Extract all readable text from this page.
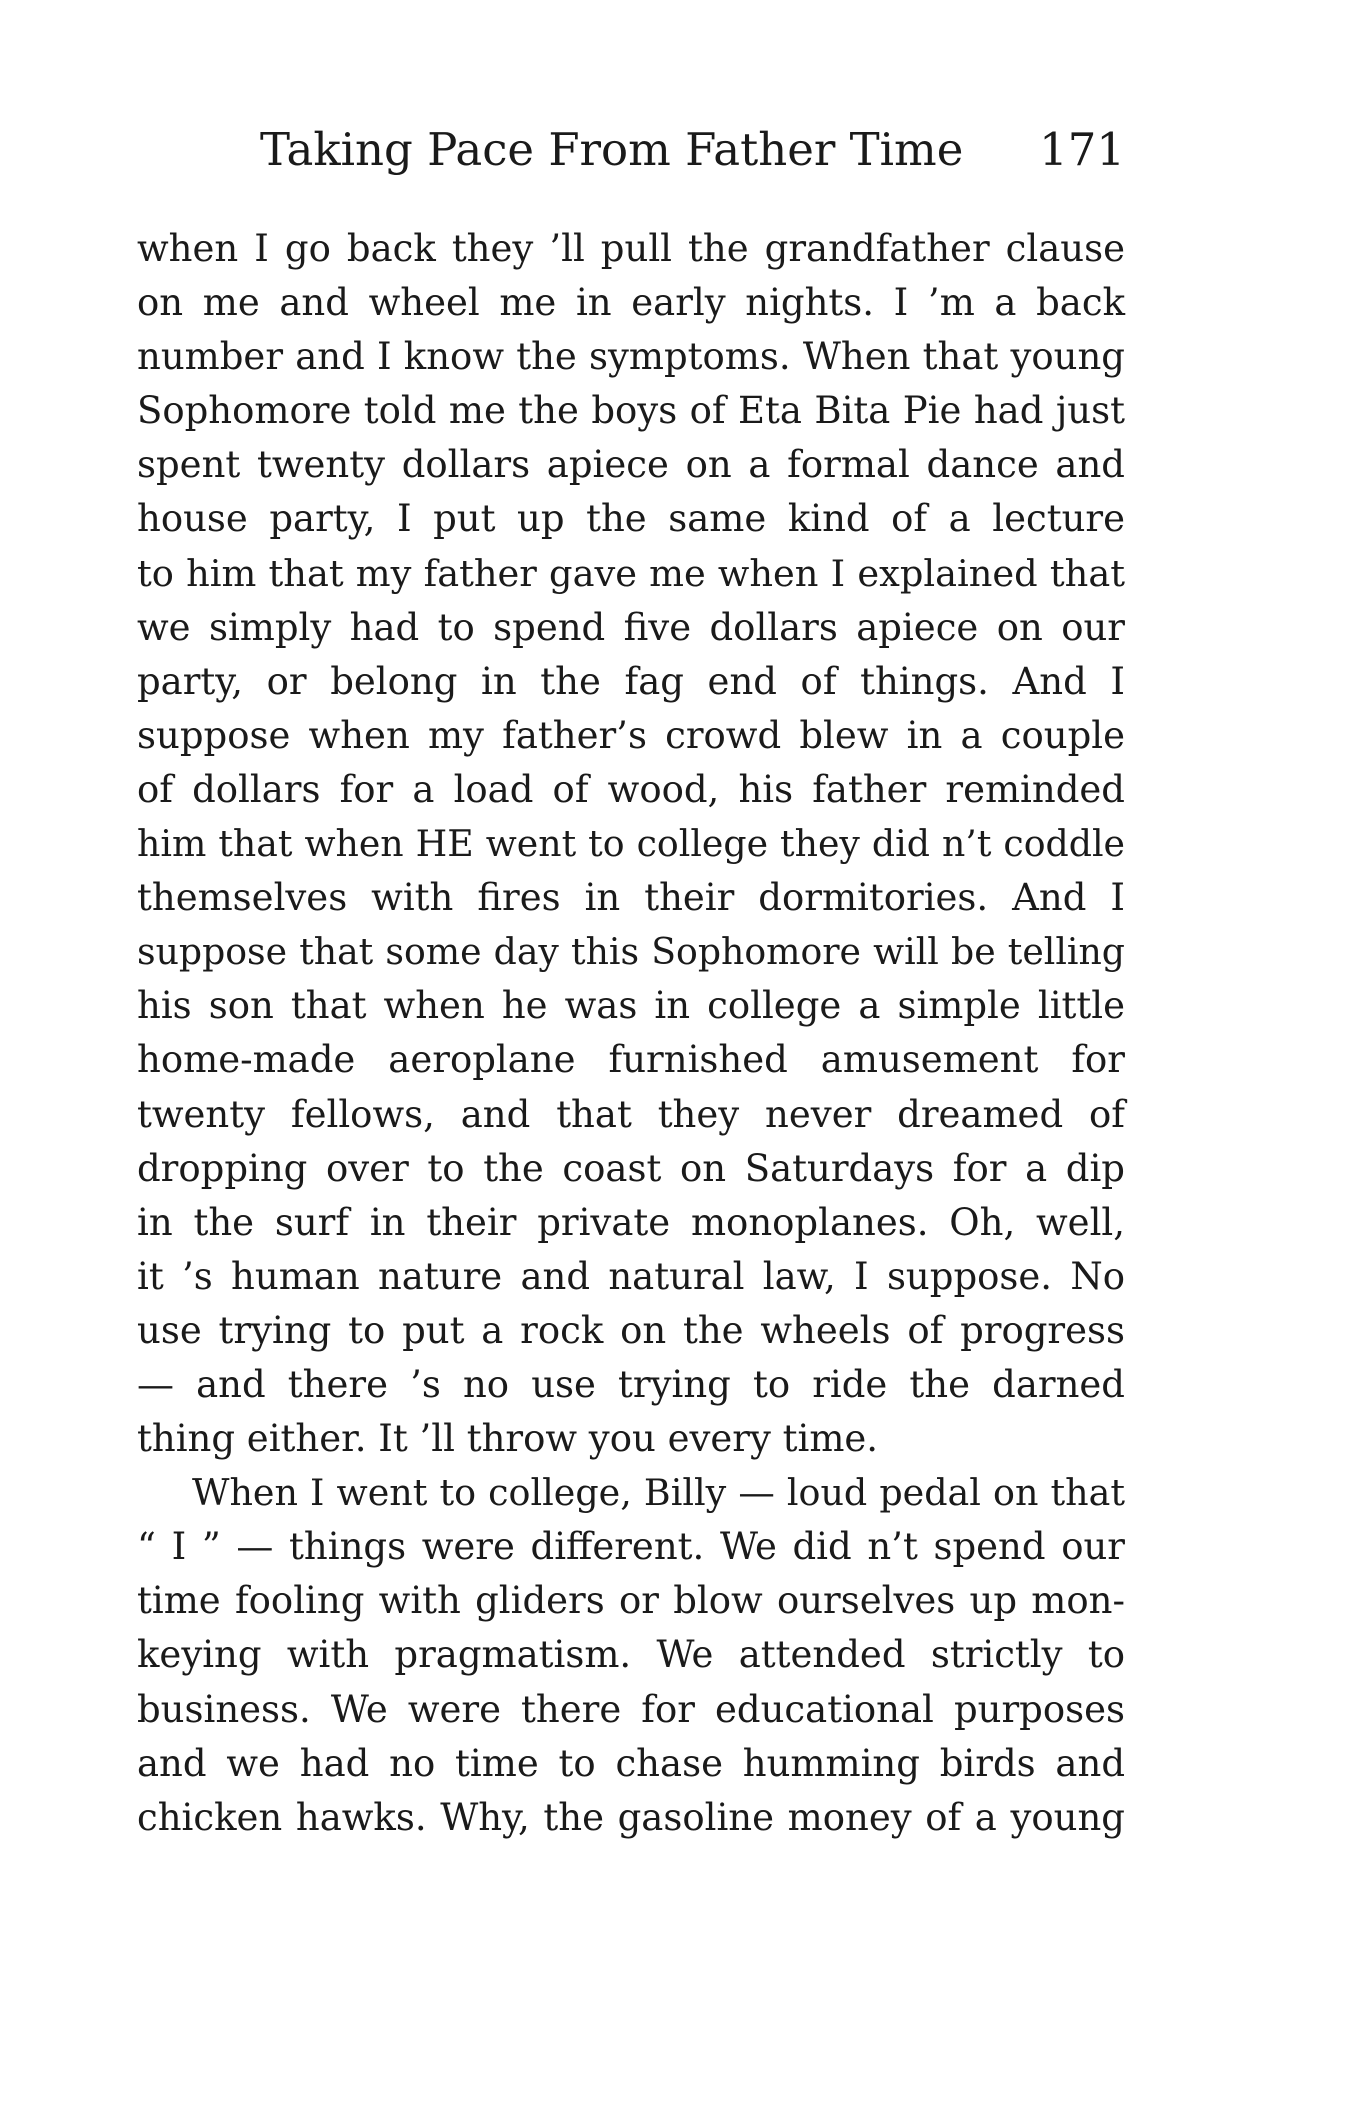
Taking Pace From Father Time 171
when I go back they ’ll pull the grandfather clause
on me and wheel me in early nights. I ’m a back
number and I know the symptoms. When that young
Sophomore told me the boys of Eta Bita Pie had just
spent twenty dollars apiece on a formal dance and
house party, I put up the same kind of a lecture
to him that my father gave me when I explained that
we simply had to spend five dollars apiece on our
party, or belong in the fag end of things. And I
suppose when my father’s crowd blew in a couple
of dollars for a load of wood, his father reminded
him that when HE went to college they did n’t coddle
themselves with fires in their dormitories. And I
suppose that some day this Sophomore will be telling
his son that when he was in college a simple little
home-made aeroplane furnished amusement for
twenty fellows, and that they never dreamed of
dropping over to the coast on Saturdays for a dip
in the surf in their private monoplanes. Oh, well,
it ’s human nature and natural law, I suppose. No
use trying to put a rock on the wheels of progress
— and there ’s no use trying to ride the darned
thing either. It ’ll throw you every time.
When I went to college, Billy — loud pedal on that
“ I ” — things were different. We did n’t spend our
time fooling with gliders or blow ourselves up mon-
keying with pragmatism. We attended strictly to
business. We were there for educational purposes
and we had no time to chase humming birds and
chicken hawks. Why, the gasoline money of a young
